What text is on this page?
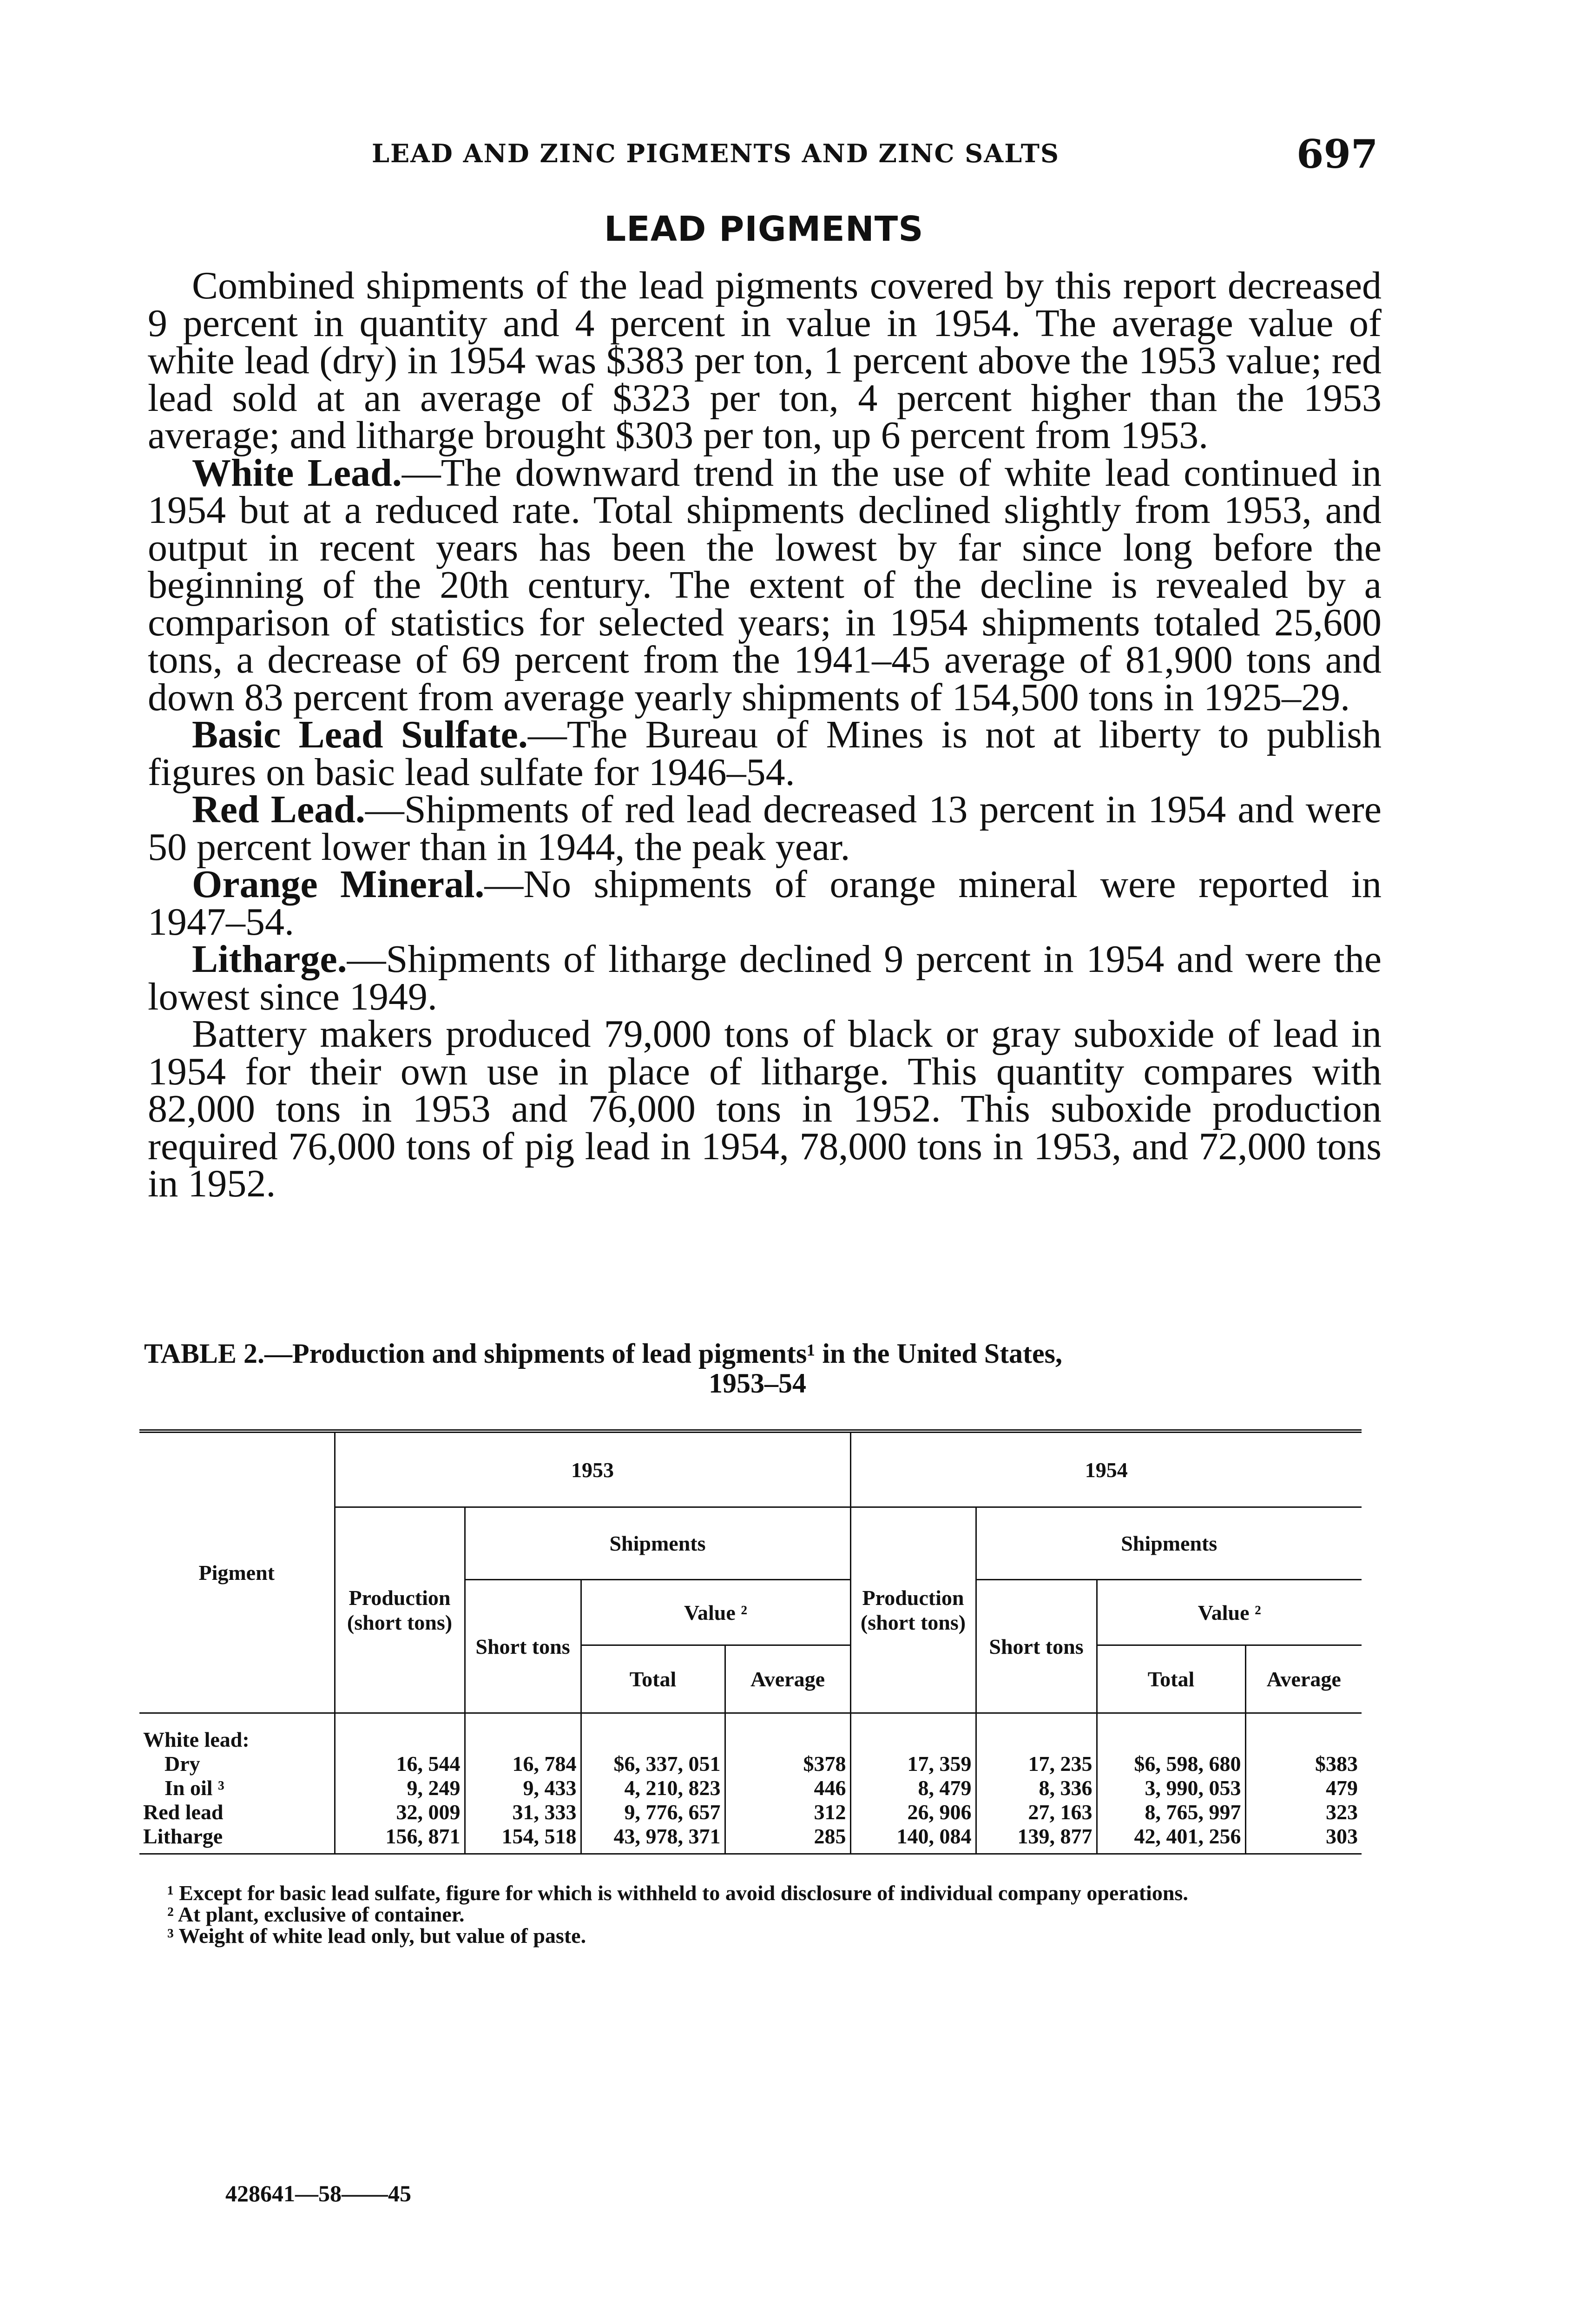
LEAD AND ZINC PIGMENTS AND ZINC SALTS	697
LEAD PIGMENTS

Combined shipments of the lead pigments covered by this report decreased 9 percent in quantity and 4 percent in value in 1954. The average value of white lead (dry) in 1954 was $383 per ton, 1 percent above the 1953 value; red lead sold at an average of $323 per ton, 4 percent higher than the 1953 average; and litharge brought $303 per ton, up 6 percent from 1953.

White Lead.—The downward trend in the use of white lead continued in 1954 but at a reduced rate. Total shipments declined slightly from 1953, and output in recent years has been the lowest by far since long before the beginning of the 20th century. The extent of the decline is revealed by a comparison of statistics for selected years; in 1954 shipments totaled 25,600 tons, a decrease of 69 percent from the 1941–45 average of 81,900 tons and down 83 percent from average yearly shipments of 154,500 tons in 1925–29.

Basic Lead Sulfate.—The Bureau of Mines is not at liberty to publish figures on basic lead sulfate for 1946–54.

Red Lead.—Shipments of red lead decreased 13 percent in 1954 and were 50 percent lower than in 1944, the peak year.

Orange Mineral.—No shipments of orange mineral were reported in 1947–54.

Litharge.—Shipments of litharge declined 9 percent in 1954 and were the lowest since 1949.

Battery makers produced 79,000 tons of black or gray suboxide of lead in 1954 for their own use in place of litharge. This quantity compares with 82,000 tons in 1953 and 76,000 tons in 1952. This suboxide production required 76,000 tons of pig lead in 1954, 78,000 tons in 1953, and 72,000 tons in 1952.

TABLE 2.—Production and shipments of lead pigments¹ in the United States,
1953–54
Pigment	1953				1954			
	Production (short tons)	Shipments			Production (short tons)	Shipments		
		Short tons	Value ²			Short tons	Value ²	
			Total	Average			Total	Average
White lead:								
Dry	16, 544	16, 784	$6, 337, 051	$378	17, 359	17, 235	$6, 598, 680	$383
In oil ³	9, 249	9, 433	4, 210, 823	446	8, 479	8, 336	3, 990, 053	479
Red lead	32, 009	31, 333	9, 776, 657	312	26, 906	27, 163	8, 765, 997	323
Litharge	156, 871	154, 518	43, 978, 371	285	140, 084	139, 877	42, 401, 256	303
¹ Except for basic lead sulfate, figure for which is withheld to avoid disclosure of individual company operations.
² At plant, exclusive of container.
³ Weight of white lead only, but value of paste.
428641—58——45
